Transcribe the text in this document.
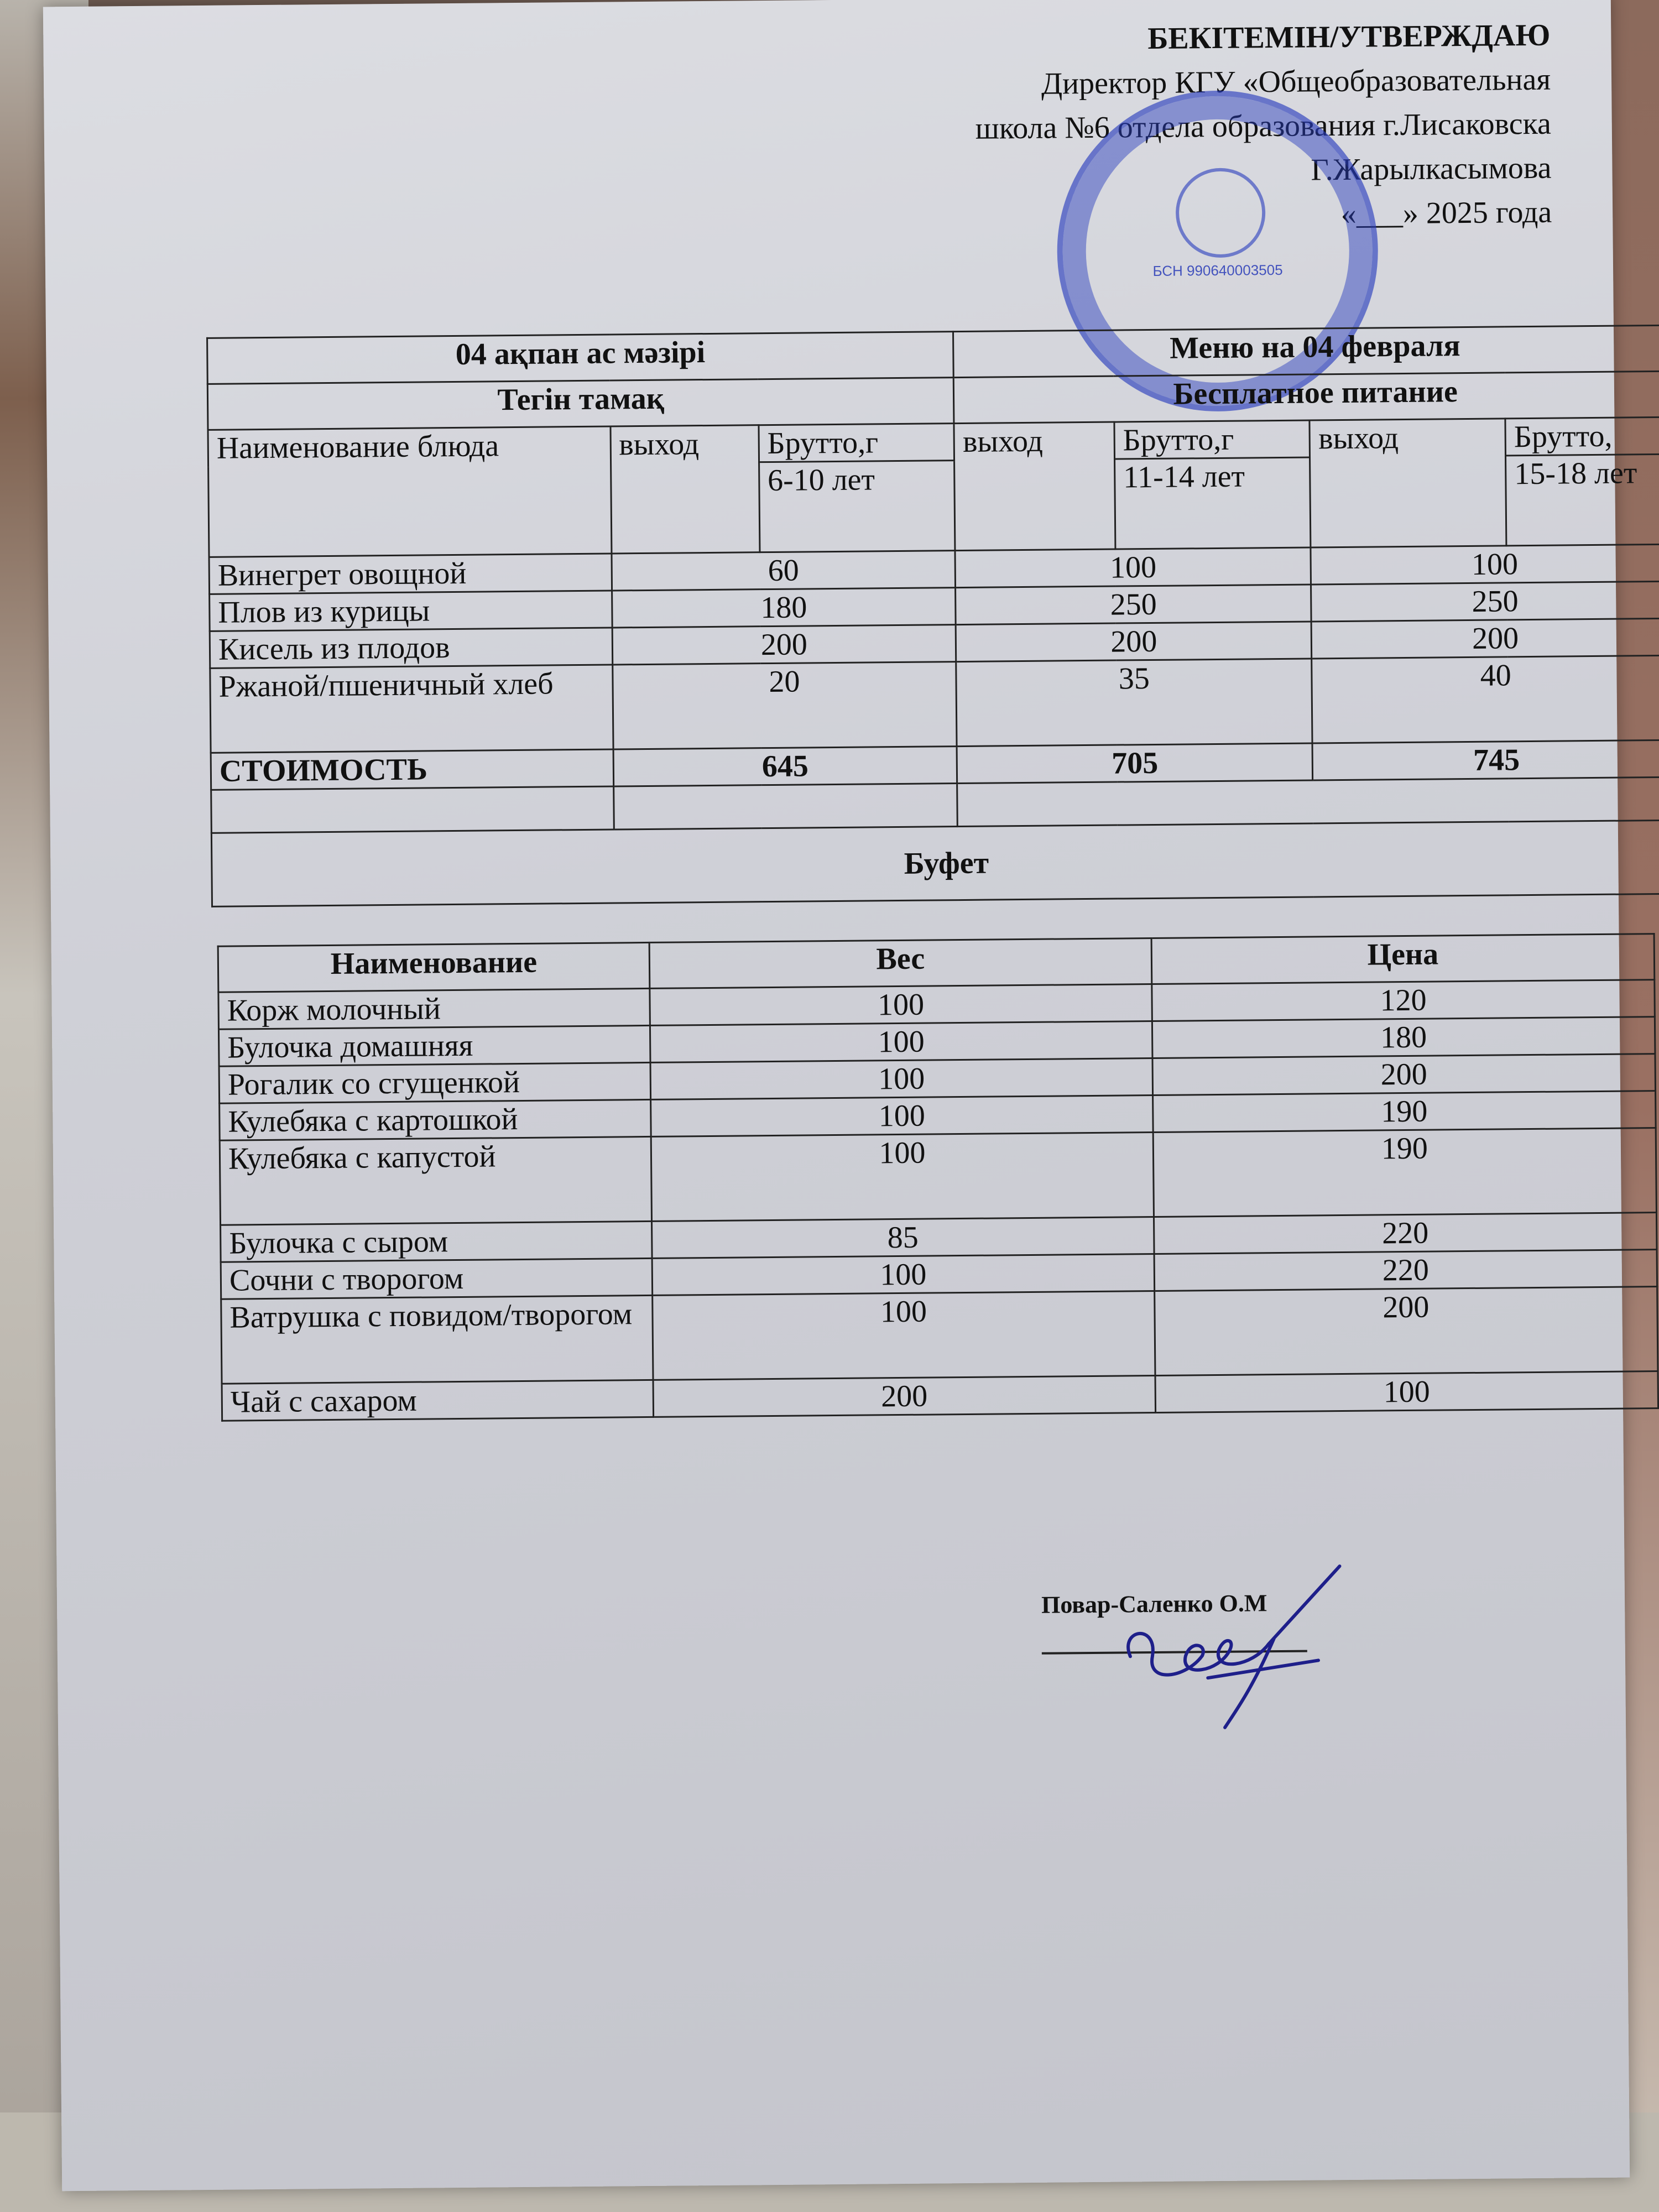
БЕКІТЕМІН/УТВЕРЖДАЮ
Директор КГУ «Общеобразовательная
школа №6 отдела образования г.Лисаковска
Г.Жарылкасымова
«___» 2025 года
БСН 990640003505
04 ақпан ас мәзірі			Меню на 04 февраля			
Тегін тамақ			Бесплатное питание			
Наименование блюда	выход	Брутто,г	выход	Брутто,г	выход	Брутто,
		6-10 лет		11-14 лет		15-18 лет
Винегрет овощной	60		100		100	
Плов из курицы	180		250		250	
Кисель из плодов	200		200		200	
Ржаной/пшеничный хлеб	20		35		40	
СТОИМОСТЬ	645		705		745	

Буфет						
Наименование	Вес	Цена
Корж молочный	100	120
Булочка домашняя	100	180
Рогалик со сгущенкой	100	200
Кулебяка с картошкой	100	190
Кулебяка с капустой	100	190
Булочка с сыром	85	220
Сочни с творогом	100	220
Ватрушка с повидом/творогом	100	200
Чай с сахаром	200	100
Повар-Саленко О.М
